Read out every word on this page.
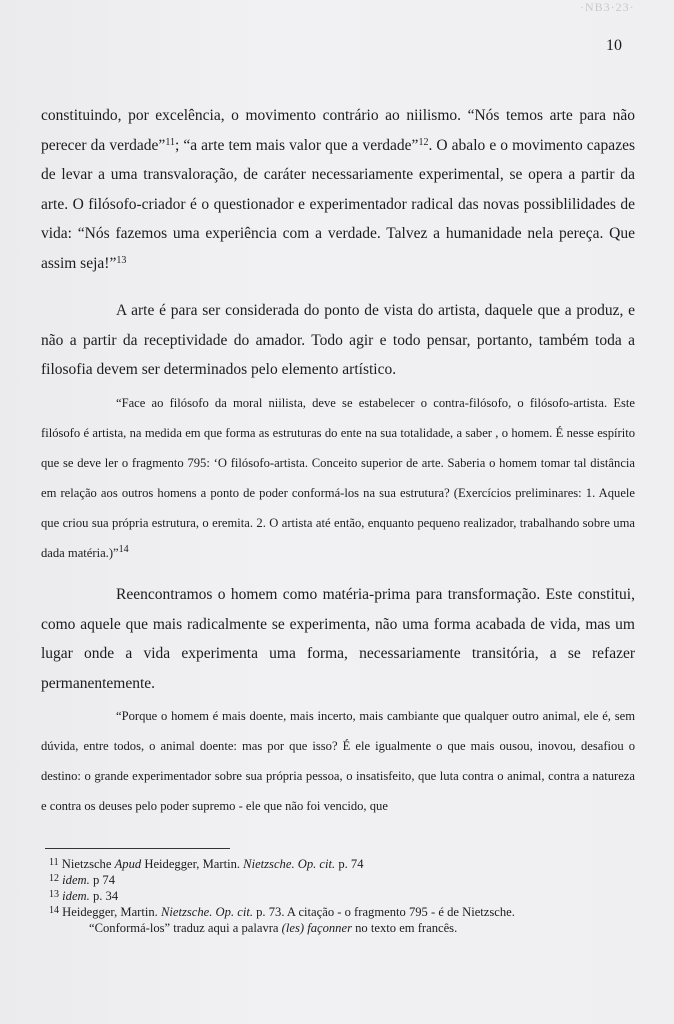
·NB3·23·
10

constituindo, por excelência, o movimento contrário ao niilismo. “Nós temos arte para não perecer da verdade”$^{11}$; “a arte tem mais valor que a verdade”$^{12}$. O abalo e o movimento capazes de levar a uma transvaloração, de caráter necessariamente experimental, se opera a partir da arte. O filósofo-criador é o questionador e experimentador radical das novas possiblilidades de vida: “Nós fazemos uma experiência com a verdade. Talvez a humanidade nela pereça. Que assim seja!”$^{13}$

A arte é para ser considerada do ponto de vista do artista, daquele que a produz, e não a partir da receptividade do amador. Todo agir e todo pensar, portanto, também toda a filosofia devem ser determinados pelo elemento artístico.

“Face ao filósofo da moral niilista, deve se estabelecer o contra-filósofo, o filósofo-artista. Este filósofo é artista, na medida em que forma as estruturas do ente na sua totalidade, a saber , o homem. É nesse espírito que se deve ler o fragmento 795: ‘O filósofo-artista. Conceito superior de arte. Saberia o homem tomar tal distância em relação aos outros homens a ponto de poder conformá-los na sua estrutura? (Exercícios preliminares: 1. Aquele que criou sua própria estrutura, o eremita. 2. O artista até então, enquanto pequeno realizador, trabalhando sobre uma dada matéria.)”$^{14}$

Reencontramos o homem como matéria-prima para transformação. Este constitui, como aquele que mais radicalmente se experimenta, não uma forma acabada de vida, mas um lugar onde a vida experimenta uma forma, necessariamente transitória, a se refazer permanentemente.

“Porque o homem é mais doente, mais incerto, mais cambiante que qualquer outro animal, ele é, sem dúvida, entre todos, o animal doente: mas por que isso? É ele igualmente o que mais ousou, inovou, desafiou o destino: o grande experimentador sobre sua própria pessoa, o insatisfeito, que luta contra o animal, contra a natureza e contra os deuses pelo poder supremo - ele que não foi vencido, que

$^{11}$ Nietzsche Apud Heidegger, Martin. Nietzsche. Op. cit. p. 74

$^{12}$ idem. p 74

$^{13}$ idem. p. 34

$^{14}$ Heidegger, Martin. Nietzsche. Op. cit. p. 73. A citação - o fragmento 795 - é de Nietzsche.

“Conformá-los” traduz aqui a palavra (les) façonner no texto em francês.
